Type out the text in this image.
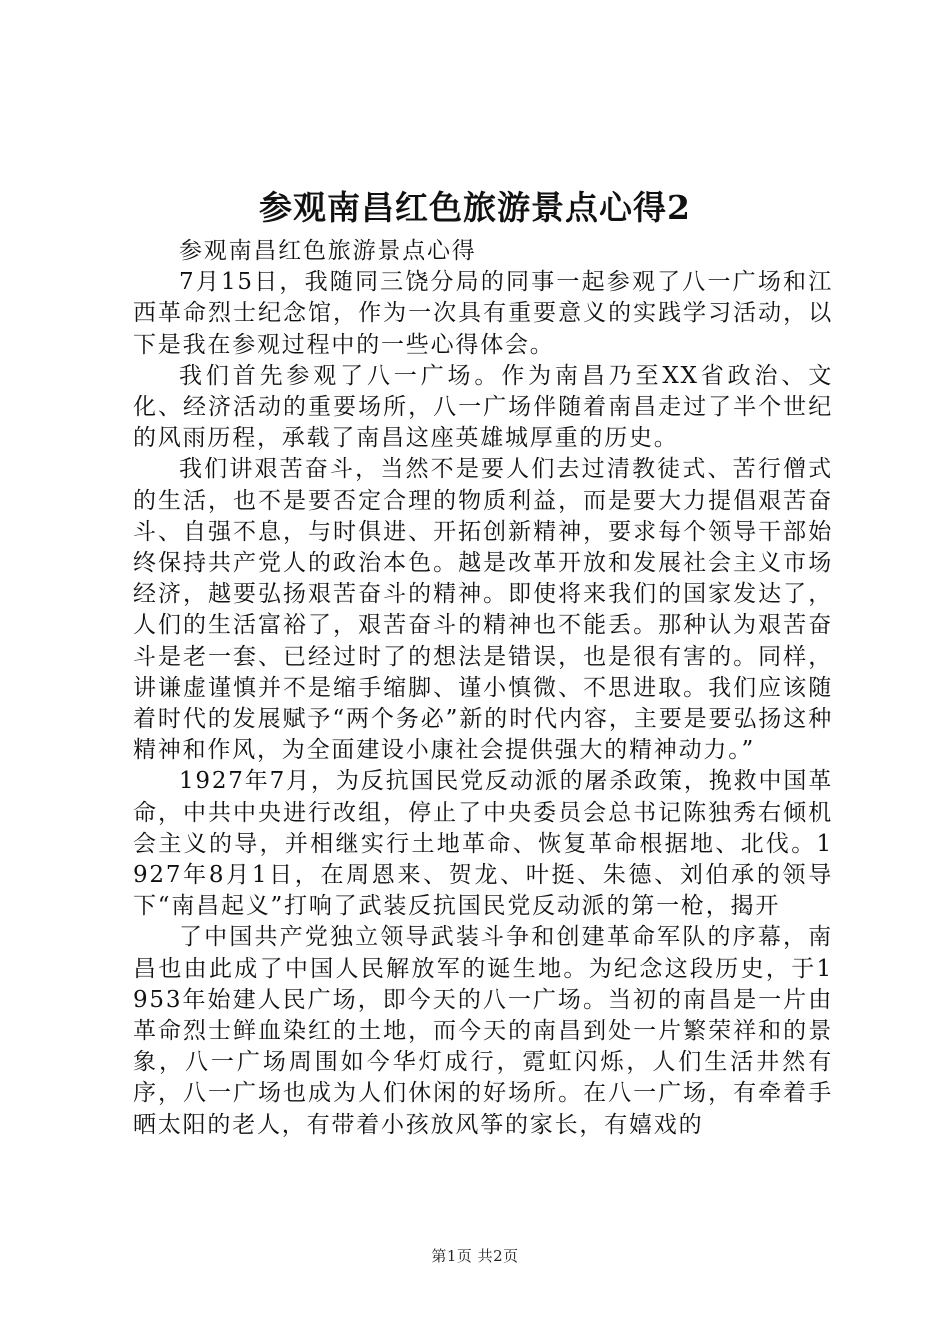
参观南昌红色旅游景点心得2

参观南昌红色旅游景点心得

7月15日，我随同三饶分局的同事一起参观了八一广场和江西革命烈士纪念馆，作为一次具有重要意义的实践学习活动，以下是我在参观过程中的一些心得体会。

我们首先参观了八一广场。作为南昌乃至XX省政治、文化、经济活动的重要场所，八一广场伴随着南昌走过了半个世纪的风雨历程，承载了南昌这座英雄城厚重的历史。

我们讲艰苦奋斗，当然不是要人们去过清教徒式、苦行僧式的生活，也不是要否定合理的物质利益，而是要大力提倡艰苦奋斗、自强不息，与时俱进、开拓创新精神，要求每个领导干部始终保持共产党人的政治本色。越是改革开放和发展社会主义市场经济，越要弘扬艰苦奋斗的精神。即使将来我们的国家发达了，人们的生活富裕了，艰苦奋斗的精神也不能丢。那种认为艰苦奋斗是老一套、已经过时了的想法是错误，也是很有害的。同样，讲谦虚谨慎并不是缩手缩脚、谨小慎微、不思进取。我们应该随着时代的发展赋予“两个务必”新的时代内容，主要是要弘扬这种精神和作风，为全面建设小康社会提供强大的精神动力。”

1927年7月，为反抗国民党反动派的屠杀政策，挽救中国革命，中共中央进行改组，停止了中央委员会总书记陈独秀右倾机会主义的导，并相继实行土地革命、恢复革命根据地、北伐。1927年8月1日，在周恩来、贺龙、叶挺、朱德、刘伯承的领导下“南昌起义”打响了武装反抗国民党反动派的第一枪，揭开

了中国共产党独立领导武装斗争和创建革命军队的序幕，南昌也由此成了中国人民解放军的诞生地。为纪念这段历史，于1953年始建人民广场，即今天的八一广场。当初的南昌是一片由革命烈士鲜血染红的土地，而今天的南昌到处一片繁荣祥和的景象，八一广场周围如今华灯成行，霓虹闪烁，人们生活井然有序，八一广场也成为人们休闲的好场所。在八一广场，有牵着手晒太阳的老人，有带着小孩放风筝的家长，有嬉戏的

第1页 共2页
